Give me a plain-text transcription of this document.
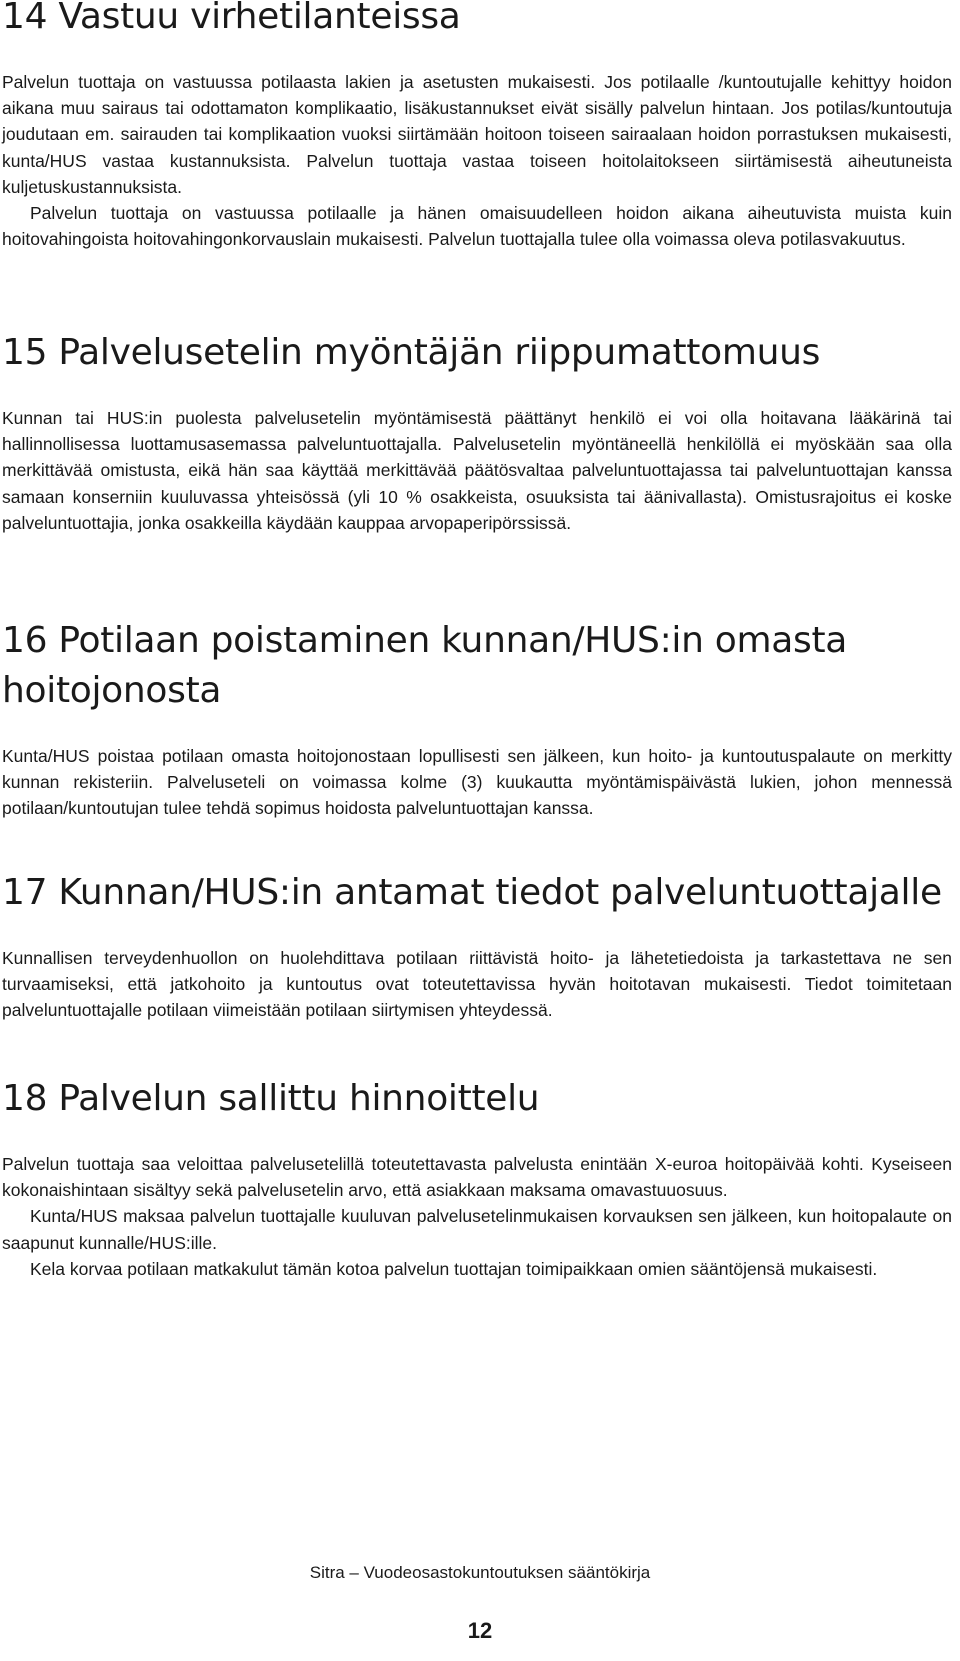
14 Vastuu virhetilanteissa

Palvelun tuottaja on vastuussa potilaasta lakien ja asetusten mukaisesti. Jos potilaalle /kuntoutujalle kehittyy hoidon aikana muu sairaus tai odottamaton komplikaatio, lisäkustannukset eivät sisälly palvelun hintaan. Jos potilas/kuntoutuja joudutaan em. sairauden tai komplikaation vuoksi siirtämään hoitoon toiseen sairaalaan hoidon porrastuksen mukaisesti, kunta/HUS vastaa kustannuksista. Palvelun tuottaja vastaa toiseen hoitolaitokseen siirtämisestä aiheutuneista kuljetuskustannuksista.

Palvelun tuottaja on vastuussa potilaalle ja hänen omaisuudelleen hoidon aikana aiheutuvista muista kuin hoitovahingoista hoitovahingonkorvauslain mukaisesti. Palvelun tuottajalla tulee olla voimassa oleva potilasvakuutus.

15 Palvelusetelin myöntäjän riippumattomuus

Kunnan tai HUS:in puolesta palvelusetelin myöntämisestä päättänyt henkilö ei voi olla hoitavana lääkärinä tai hallinnollisessa luottamusasemassa palveluntuottajalla. Palvelusetelin myöntäneellä henkilöllä ei myöskään saa olla merkittävää omistusta, eikä hän saa käyttää merkittävää päätösvaltaa palveluntuottajassa tai palveluntuottajan kanssa samaan konserniin kuuluvassa yhteisössä (yli 10 % osakkeista, osuuksista tai äänivallasta). Omistusrajoitus ei koske palveluntuottajia, jonka osakkeilla käydään kauppaa arvopaperipörssissä.

16 Potilaan poistaminen kunnan/HUS:in omasta hoitojonosta

Kunta/HUS poistaa potilaan omasta hoitojonostaan lopullisesti sen jälkeen, kun hoito- ja kuntoutuspalaute on merkitty kunnan rekisteriin. Palveluseteli on voimassa kolme (3) kuukautta myöntämispäivästä lukien, johon mennessä potilaan/kuntoutujan tulee tehdä sopimus hoidosta palveluntuottajan kanssa.

17 Kunnan/HUS:in antamat tiedot palveluntuottajalle

Kunnallisen terveydenhuollon on huolehdittava potilaan riittävistä hoito- ja lähetetiedoista ja tarkastettava ne sen turvaamiseksi, että jatkohoito ja kuntoutus ovat toteutettavissa hyvän hoitotavan mukaisesti. Tiedot toimitetaan palveluntuottajalle potilaan viimeistään potilaan siirtymisen yhteydessä.

18 Palvelun sallittu hinnoittelu

Palvelun tuottaja saa veloittaa palvelusetelillä toteutettavasta palvelusta enintään X-euroa hoitopäivää kohti. Kyseiseen kokonaishintaan sisältyy sekä palvelusetelin arvo, että asiakkaan maksama omavastuuosuus.

Kunta/HUS maksaa palvelun tuottajalle kuuluvan palvelusetelinmukaisen korvauksen sen jälkeen, kun hoitopalaute on saapunut kunnalle/HUS:ille.

Kela korvaa potilaan matkakulut tämän kotoa palvelun tuottajan toimipaikkaan omien sääntöjensä mukaisesti.

Sitra – Vuodeosastokuntoutuksen sääntökirja
12
